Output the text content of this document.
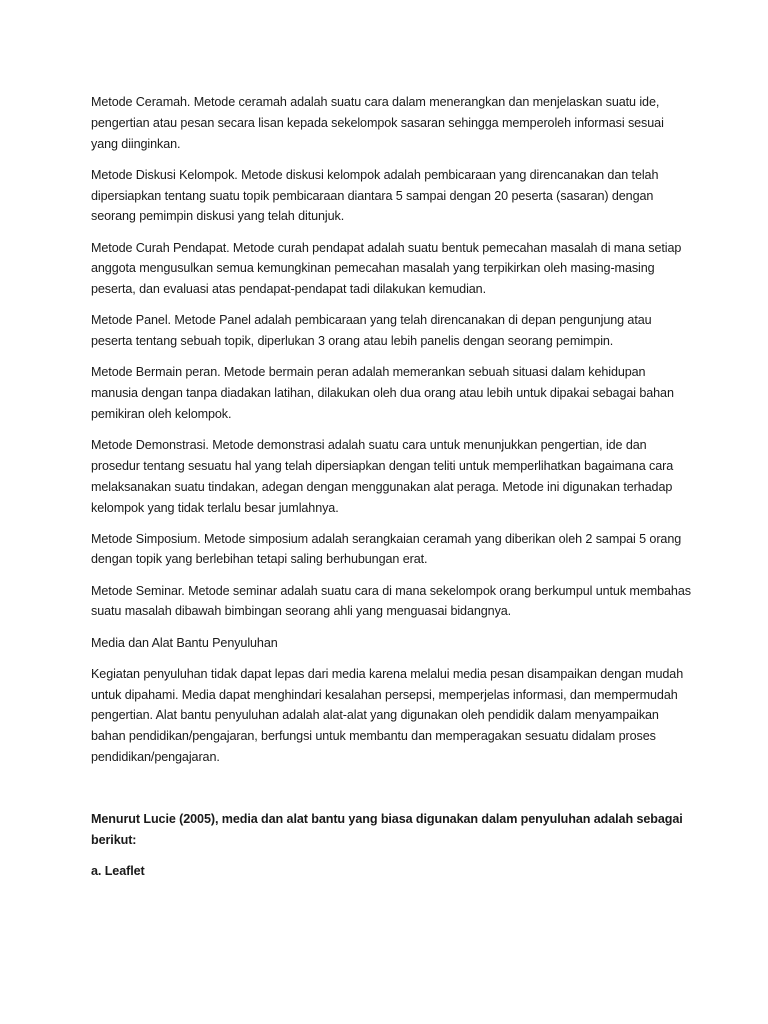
Metode Ceramah. Metode ceramah adalah suatu cara dalam menerangkan dan menjelaskan suatu ide, pengertian atau pesan secara lisan kepada sekelompok sasaran sehingga memperoleh informasi sesuai yang diinginkan.

Metode Diskusi Kelompok. Metode diskusi kelompok adalah pembicaraan yang direncanakan dan telah dipersiapkan tentang suatu topik pembicaraan diantara 5 sampai dengan 20 peserta (sasaran) dengan seorang pemimpin diskusi yang telah ditunjuk.

Metode Curah Pendapat. Metode curah pendapat adalah suatu bentuk pemecahan masalah di mana setiap anggota mengusulkan semua kemungkinan pemecahan masalah yang terpikirkan oleh masing-masing peserta, dan evaluasi atas pendapat-pendapat tadi dilakukan kemudian.

Metode Panel. Metode Panel adalah pembicaraan yang telah direncanakan di depan pengunjung atau peserta tentang sebuah topik, diperlukan 3 orang atau lebih panelis dengan seorang pemimpin.

Metode Bermain peran. Metode bermain peran adalah memerankan sebuah situasi dalam kehidupan manusia dengan tanpa diadakan latihan, dilakukan oleh dua orang atau lebih untuk dipakai sebagai bahan pemikiran oleh kelompok.

Metode Demonstrasi. Metode demonstrasi adalah suatu cara untuk menunjukkan pengertian, ide dan prosedur tentang sesuatu hal yang telah dipersiapkan dengan teliti untuk memperlihatkan bagaimana cara melaksanakan suatu tindakan, adegan dengan menggunakan alat peraga. Metode ini digunakan terhadap kelompok yang tidak terlalu besar jumlahnya.

Metode Simposium. Metode simposium adalah serangkaian ceramah yang diberikan oleh 2 sampai 5 orang dengan topik yang berlebihan tetapi saling berhubungan erat.

Metode Seminar. Metode seminar adalah suatu cara di mana sekelompok orang berkumpul untuk membahas suatu masalah dibawah bimbingan seorang ahli yang menguasai bidangnya.

Media dan Alat Bantu Penyuluhan

Kegiatan penyuluhan tidak dapat lepas dari media karena melalui media pesan disampaikan dengan mudah untuk dipahami. Media dapat menghindari kesalahan persepsi, memperjelas informasi, dan mempermudah pengertian. Alat bantu penyuluhan adalah alat-alat yang digunakan oleh pendidik dalam menyampaikan bahan pendidikan/pengajaran, berfungsi untuk membantu dan memperagakan sesuatu didalam proses pendidikan/pengajaran.

Menurut Lucie (2005), media dan alat bantu yang biasa digunakan dalam penyuluhan adalah sebagai berikut:

a. Leaflet
